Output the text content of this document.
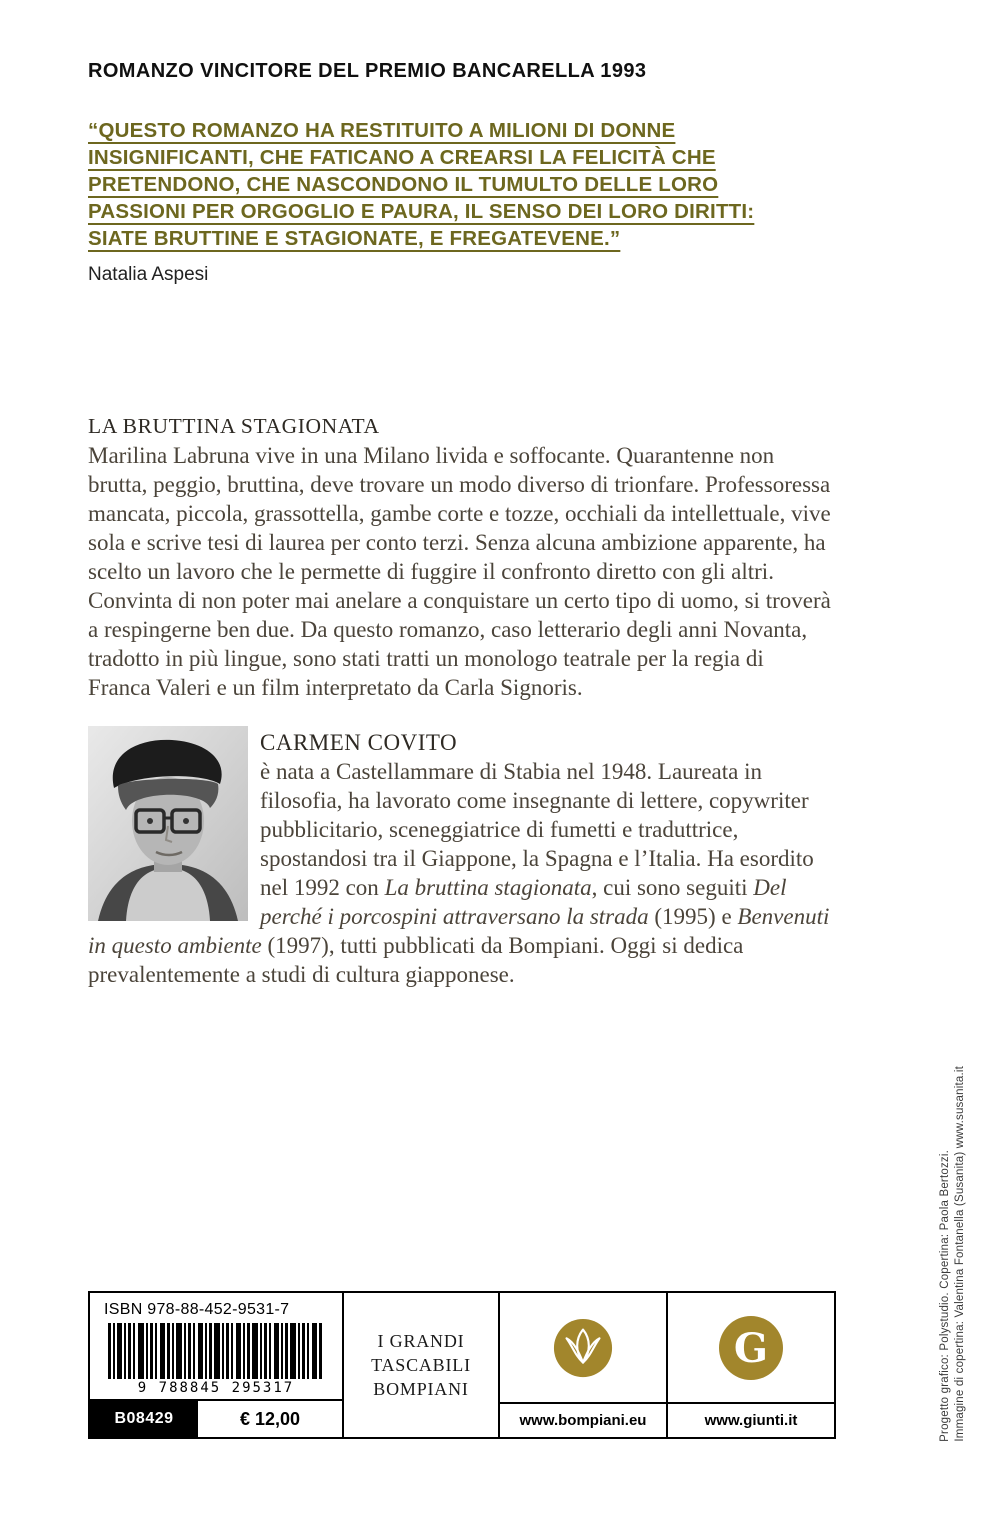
ROMANZO VINCITORE DEL PREMIO BANCARELLA 1993
“QUESTO ROMANZO HA RESTITUITO A MILIONI DI DONNE INSIGNIFICANTI, CHE FATICANO A CREARSI LA FELICITÀ CHE PRETENDONO, CHE NASCONDONO IL TUMULTO DELLE LORO PASSIONI PER ORGOGLIO E PAURA, IL SENSO DEI LORO DIRITTI: SIATE BRUTTINE E STAGIONATE, E FREGATEVENE.”
Natalia Aspesi
LA BRUTTINA STAGIONATA
Marilina Labruna vive in una Milano livida e soffocante. Quarantenne non brutta, peggio, bruttina, deve trovare un modo diverso di trionfare. Professoressa mancata, piccola, grassottella, gambe corte e tozze, occhiali da intellettuale, vive sola e scrive tesi di laurea per conto terzi. Senza alcuna ambizione apparente, ha scelto un lavoro che le permette di fuggire il confronto diretto con gli altri. Convinta di non poter mai anelare a conquistare un certo tipo di uomo, si troverà a respingerne ben due. Da questo romanzo, caso letterario degli anni Novanta, tradotto in più lingue, sono stati tratti un monologo teatrale per la regia di Franca Valeri e un film interpretato da Carla Signoris.
CARMEN COVITO
è nata a Castellammare di Stabia nel 1948. Laureata in filosofia, ha lavorato come insegnante di lettere, copywriter pubblicitario, sceneggiatrice di fumetti e traduttrice, spostandosi tra il Giappone, la Spagna e l’Italia. Ha esordito nel 1992 con La bruttina stagionata, cui sono seguiti Del perché i porcospini attraversano la strada (1995) e Benvenuti in questo ambiente (1997), tutti pubblicati da Bompiani. Oggi si dedica prevalentemente a studi di cultura giapponese.
ISBN 978-88-452-9531-7
9 788845 295317
B08429	€ 12,00
I GRANDI
TASCABILI
BOMPIANI
www.bompiani.eu
G
www.giunti.it	Progetto grafico: Polystudio. Copertina: Paola Bertozzi. Immagine di copertina: Valentina Fontanella (Susanita) www.susanita.it
